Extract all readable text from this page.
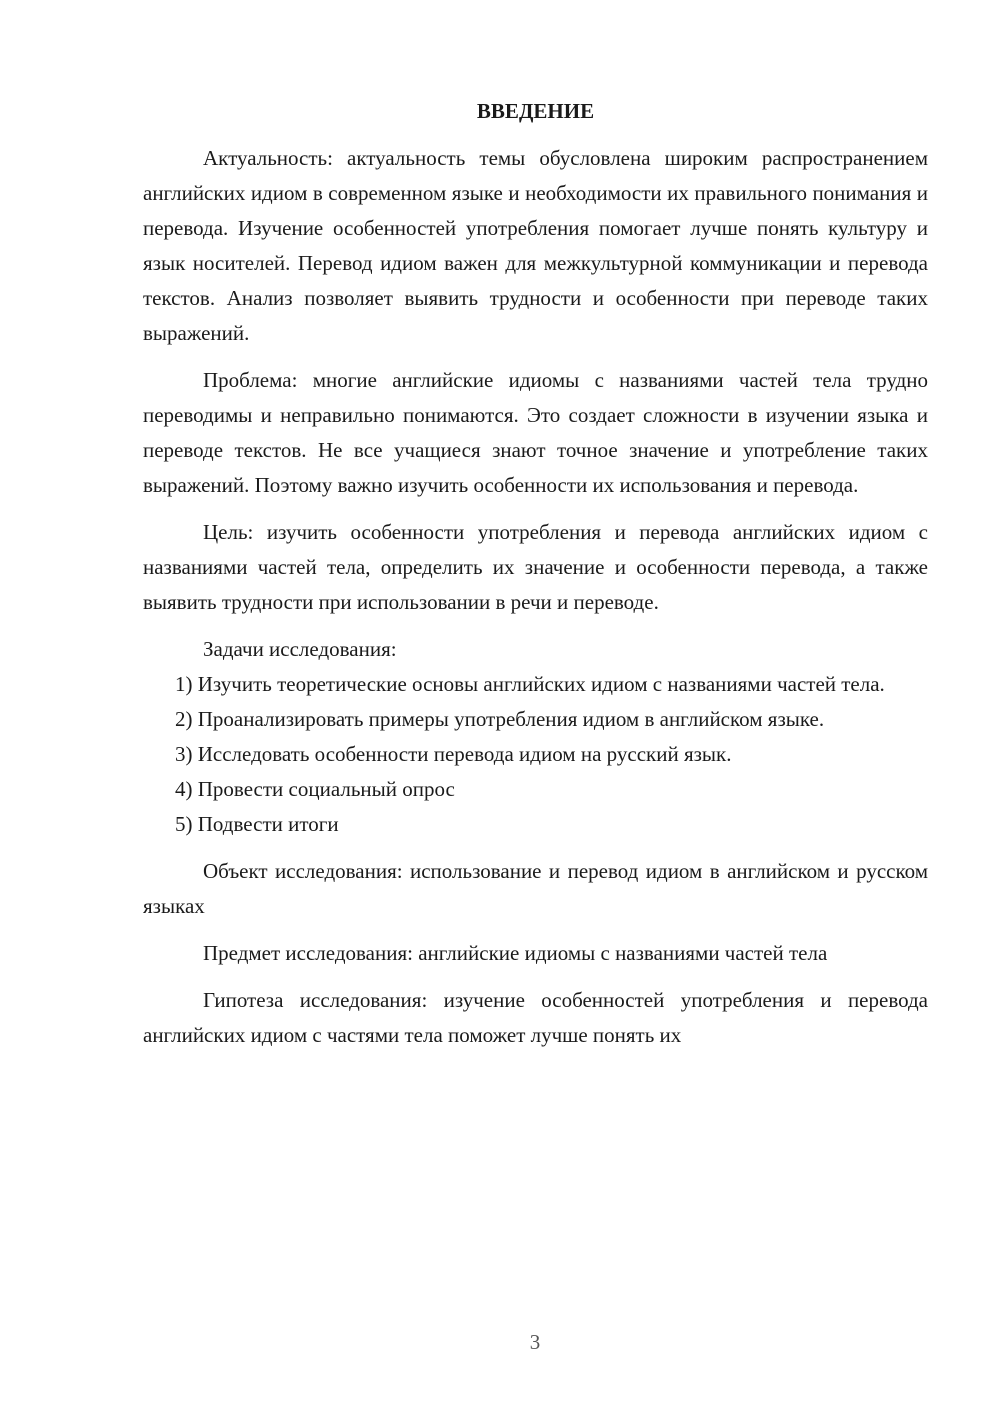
ВВЕДЕНИЕ

Актуальность: актуальность темы обусловлена широким распространением английских идиом в современном языке и необходимости их правильного понимания и перевода. Изучение особенностей употребления помогает лучше понять культуру и язык носителей. Перевод идиом важен для межкультурной коммуникации и перевода текстов. Анализ позволяет выявить трудности и особенности при переводе таких выражений.

Проблема: многие английские идиомы с названиями частей тела трудно переводимы и неправильно понимаются. Это создает сложности в изучении языка и переводе текстов. Не все учащиеся знают точное значение и употребление таких выражений. Поэтому важно изучить особенности их использования и перевода.

Цель: изучить особенности употребления и перевода английских идиом с названиями частей тела, определить их значение и особенности перевода, а также выявить трудности при использовании в речи и переводе.

Задачи исследования:

1) Изучить теоретические основы английских идиом с названиями частей тела.
2) Проанализировать примеры употребления идиом в английском языке.
3) Исследовать особенности перевода идиом на русский язык.
4) Провести социальный опрос
5) Подвести итоги

Объект исследования: использование и перевод идиом в английском и русском языках

Предмет исследования: английские идиомы с названиями частей тела

Гипотеза исследования: изучение особенностей употребления и перевода английских идиом с частями тела поможет лучше понять их

3
